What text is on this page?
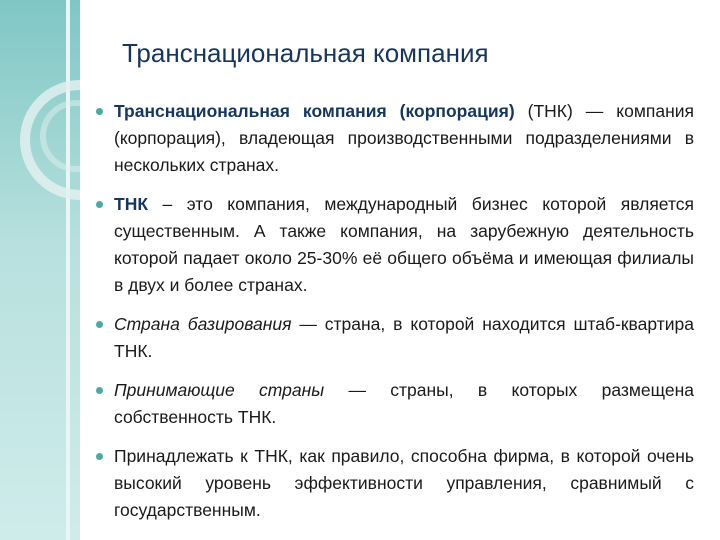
Транснациональная компания
Транснациональная компания (корпорация) (ТНК) — компания (корпорация), владеющая производственными подразделениями в нескольких странах.
ТНК – это компания, международный бизнес которой является существенным. А также компания, на зарубежную деятельность которой падает около 25-30% её общего объёма и имеющая филиалы в двух и более странах.
Страна базирования — страна, в которой находится штаб-квартира ТНК.
Принимающие страны — страны, в которых размещена собственность ТНК.
Принадлежать к ТНК, как правило, способна фирма, в которой очень высокий уровень эффективности управления, сравнимый с государственным.
